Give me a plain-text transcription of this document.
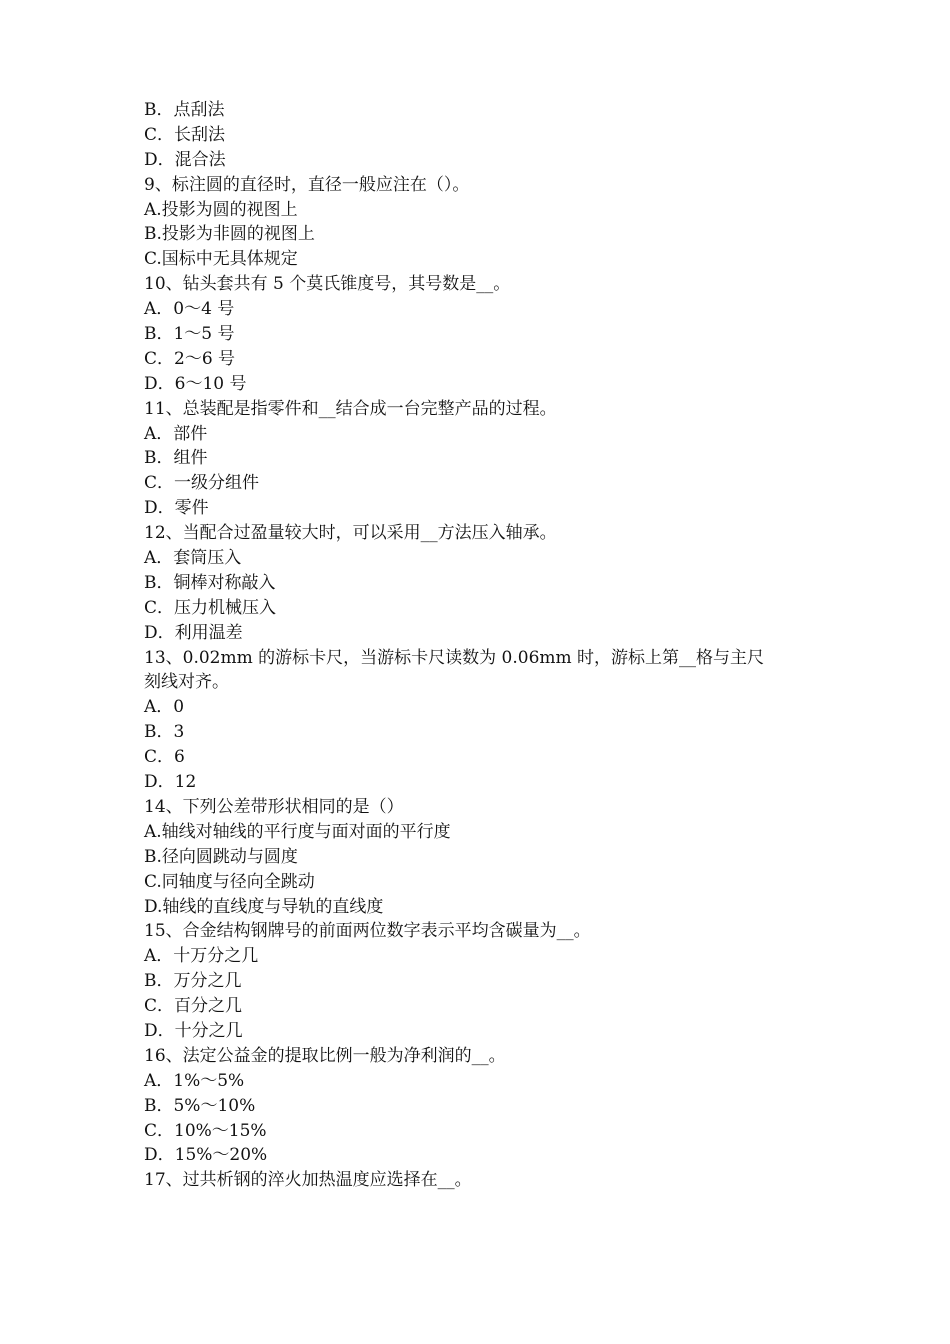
B．点刮法

C．长刮法

D．混合法

9、标注圆的直径时，直径一般应注在（）。

A.投影为圆的视图上

B.投影为非圆的视图上

C.国标中无具体规定

10、钻头套共有 5 个莫氏锥度号，其号数是__。

A．0～4 号

B．1～5 号

C．2～6 号

D．6～10 号

11、总装配是指零件和__结合成一台完整产品的过程。

A．部件

B．组件

C．一级分组件

D．零件

12、当配合过盈量较大时，可以采用__方法压入轴承。

A．套筒压入

B．铜棒对称敲入

C．压力机械压入

D．利用温差

13、0.02mm 的游标卡尺，当游标卡尺读数为 0.06mm 时，游标上第__格与主尺

刻线对齐。

A．0

B．3

C．6

D．12

14、下列公差带形状相同的是（）

A.轴线对轴线的平行度与面对面的平行度

B.径向圆跳动与圆度

C.同轴度与径向全跳动

D.轴线的直线度与导轨的直线度

15、合金结构钢牌号的前面两位数字表示平均含碳量为__。

A．十万分之几

B．万分之几

C．百分之几

D．十分之几

16、法定公益金的提取比例一般为净利润的__。

A．1%～5%

B．5%～10%

C．10%～15%

D．15%～20%

17、过共析钢的淬火加热温度应选择在__。
